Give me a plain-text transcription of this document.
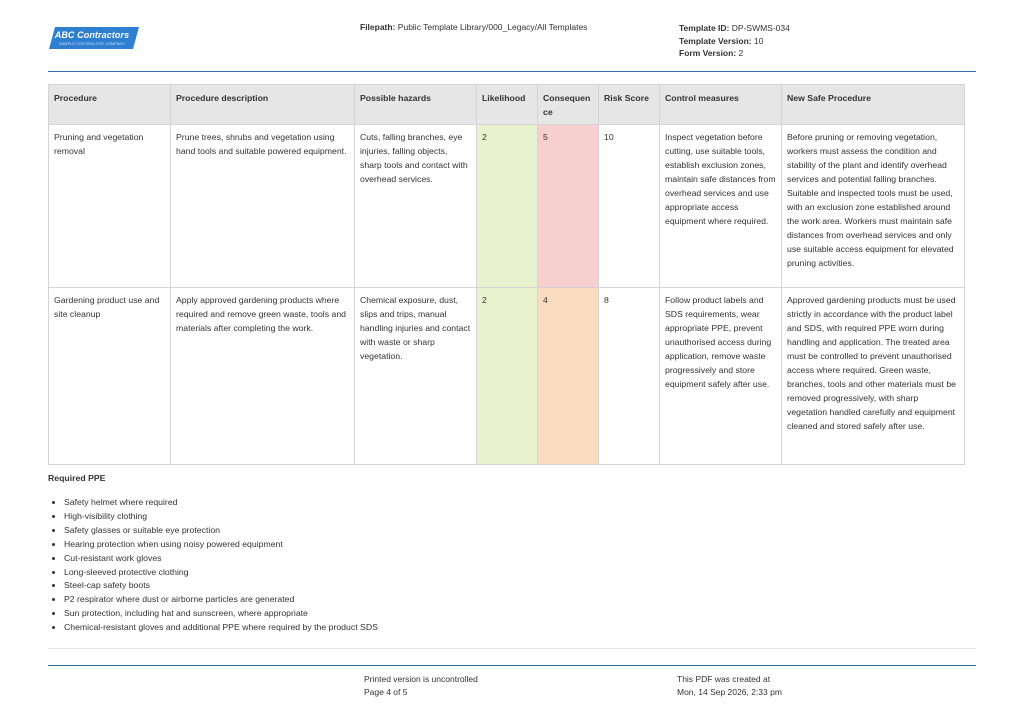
ABC Contractors
SAMPLE CONTRACTOR COMPANY
Filepath: Public Template Library/000_Legacy/All Templates	Template ID: DP-SWMS-034
Template Version: 10
Form Version: 2
Procedure	Procedure description	Possible hazards	Likelihood	Consequence	Risk Score	Control measures	New Safe Procedure
Pruning and vegetation removal	Prune trees, shrubs and vegetation using hand tools and suitable powered equipment.	Cuts, falling branches, eye injuries, falling objects, sharp tools and contact with overhead services.	2	5	10	Inspect vegetation before cutting, use suitable tools, establish exclusion zones, maintain safe distances from overhead services and use appropriate access equipment where required.	Before pruning or removing vegetation, workers must assess the condition and stability of the plant and identify overhead services and potential falling branches. Suitable and inspected tools must be used, with an exclusion zone established around the work area. Workers must maintain safe distances from overhead services and only use suitable access equipment for elevated pruning activities.
Gardening product use and site cleanup	Apply approved gardening products where required and remove green waste, tools and materials after completing the work.	Chemical exposure, dust, slips and trips, manual handling injuries and contact with waste or sharp vegetation.	2	4	8	Follow product labels and SDS requirements, wear appropriate PPE, prevent unauthorised access during application, remove waste progressively and store equipment safely after use.	Approved gardening products must be used strictly in accordance with the product label and SDS, with required PPE worn during handling and application. The treated area must be controlled to prevent unauthorised access where required. Green waste, branches, tools and other materials must be removed progressively, with sharp vegetation handled carefully and equipment cleaned and stored safely after use.
Required PPE
• Safety helmet where required
• High-visibility clothing
• Safety glasses or suitable eye protection
• Hearing protection when using noisy powered equipment
• Cut-resistant work gloves
• Long-sleeved protective clothing
• Steel-cap safety boots
• P2 respirator where dust or airborne particles are generated
• Sun protection, including hat and sunscreen, where appropriate
• Chemical-resistant gloves and additional PPE where required by the product SDS
Printed version is uncontrolled
Page 4 of 5
This PDF was created at
Mon, 14 Sep 2026, 2:33 pm
